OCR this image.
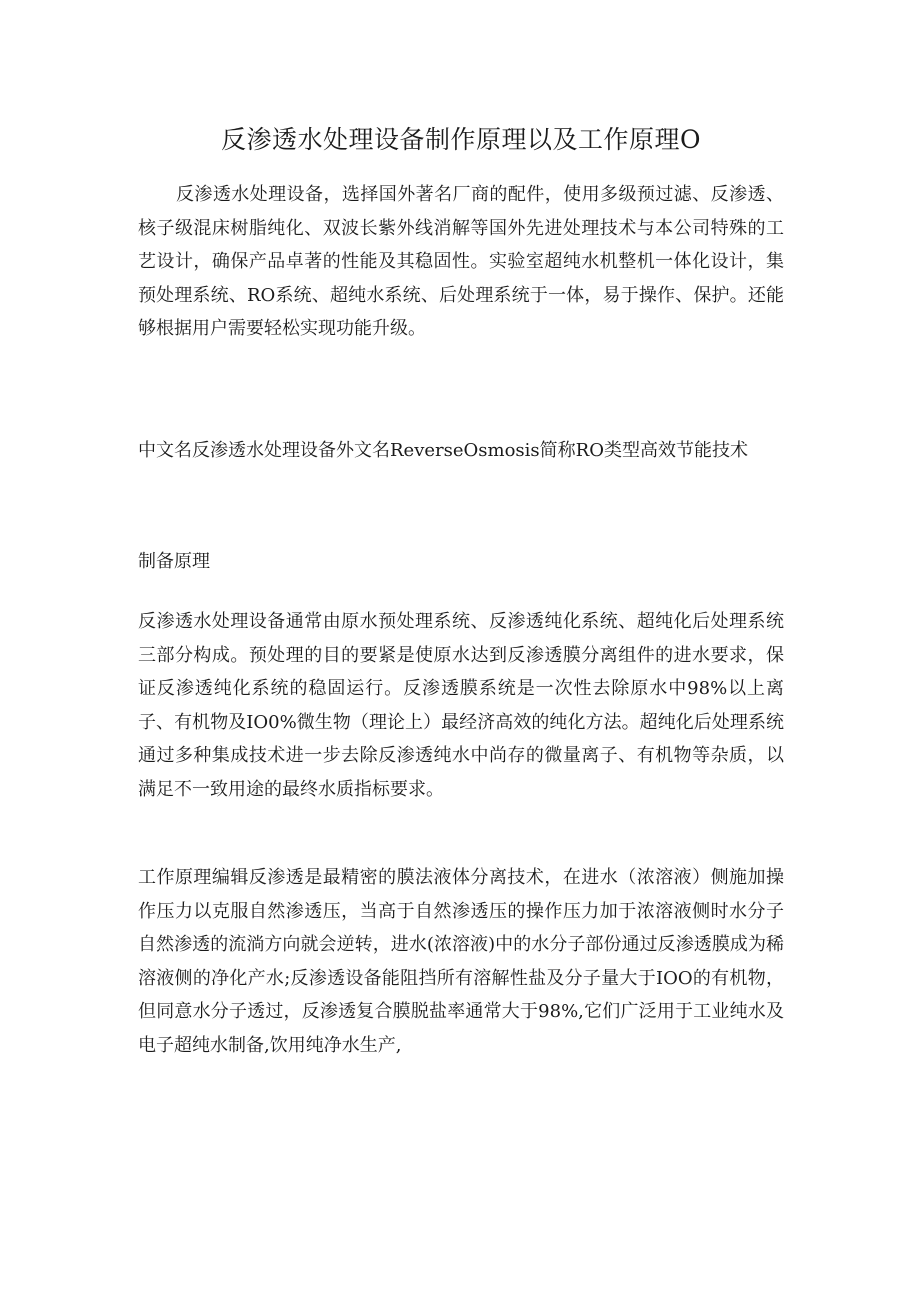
反渗透水处理设备制作原理以及工作原理O

反渗透水处理设备，选择国外著名厂商的配件，使用多级预过滤、反渗透、核子级混床树脂纯化、双波长紫外线消解等国外先进处理技术与本公司特殊的工艺设计，确保产品卓著的性能及其稳固性。实验室超纯水机整机一体化设计，集预处理系统、RO系统、超纯水系统、后处理系统于一体，易于操作、保护。还能够根据用户需要轻松实现功能升级。

中文名反渗透水处理设备外文名ReverseOsmosis简称RO类型高效节能技术

制备原理

反渗透水处理设备通常由原水预处理系统、反渗透纯化系统、超纯化后处理系统三部分构成。预处理的目的要紧是使原水达到反渗透膜分离组件的进水要求，保证反渗透纯化系统的稳固运行。反渗透膜系统是一次性去除原水中98%以上离子、有机物及IO0%微生物（理论上）最经济高效的纯化方法。超纯化后处理系统通过多种集成技术进一步去除反渗透纯水中尚存的微量离子、有机物等杂质，以满足不一致用途的最终水质指标要求。

工作原理编辑反渗透是最精密的膜法液体分离技术，在进水（浓溶液）侧施加操作压力以克服自然渗透压，当高于自然渗透压的操作压力加于浓溶液侧时水分子自然渗透的流淌方向就会逆转，进水(浓溶液)中的水分子部份通过反渗透膜成为稀溶液侧的净化产水;反渗透设备能阻挡所有溶解性盐及分子量大于IOO的有机物，但同意水分子透过，反渗透复合膜脱盐率通常大于98%,它们广泛用于工业纯水及电子超纯水制备,饮用纯净水生产,
